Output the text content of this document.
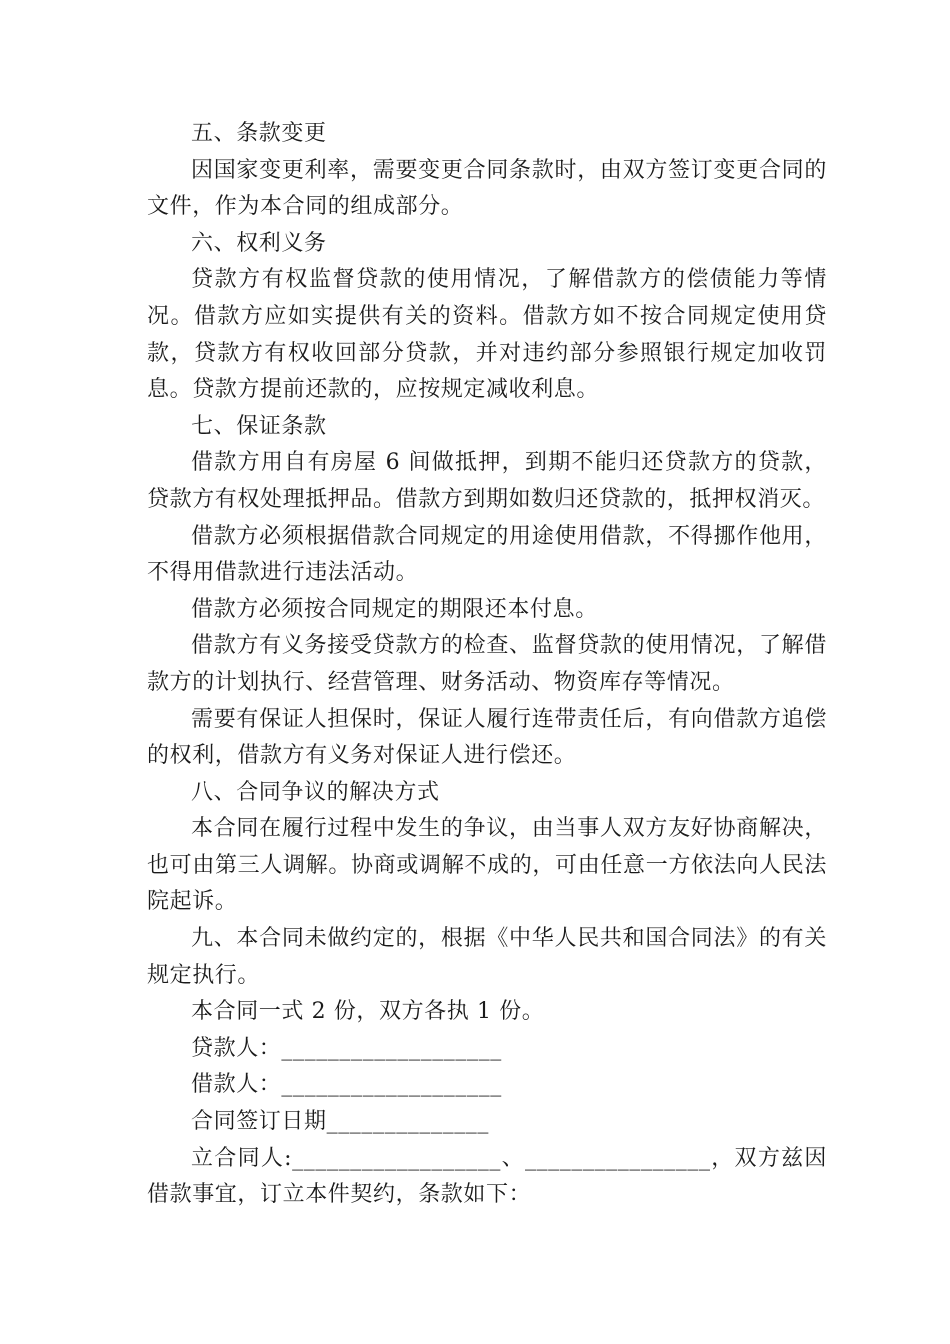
五、条款变更

因国家变更利率，需要变更合同条款时，由双方签订变更合同的文件，作为本合同的组成部分。

六、权利义务

贷款方有权监督贷款的使用情况，了解借款方的偿债能力等情况。借款方应如实提供有关的资料。借款方如不按合同规定使用贷款，贷款方有权收回部分贷款，并对违约部分参照银行规定加收罚息。贷款方提前还款的，应按规定减收利息。

七、保证条款

借款方用自有房屋 6 间做抵押，到期不能归还贷款方的贷款，贷款方有权处理抵押品。借款方到期如数归还贷款的，抵押权消灭。

借款方必须根据借款合同规定的用途使用借款，不得挪作他用，不得用借款进行违法活动。

借款方必须按合同规定的期限还本付息。

借款方有义务接受贷款方的检查、监督贷款的使用情况，了解借款方的计划执行、经营管理、财务活动、物资库存等情况。

需要有保证人担保时，保证人履行连带责任后，有向借款方追偿的权利，借款方有义务对保证人进行偿还。

八、合同争议的解决方式

本合同在履行过程中发生的争议，由当事人双方友好协商解决，也可由第三人调解。协商或调解不成的，可由任意一方依法向人民法院起诉。

九、本合同未做约定的，根据《中华人民共和国合同法》的有关规定执行。

本合同一式 2 份，双方各执 1 份。

贷款人：___________________

借款人：___________________

合同签订日期______________

立合同人:__________________、________________，双方兹因借款事宜，订立本件契约，条款如下：
